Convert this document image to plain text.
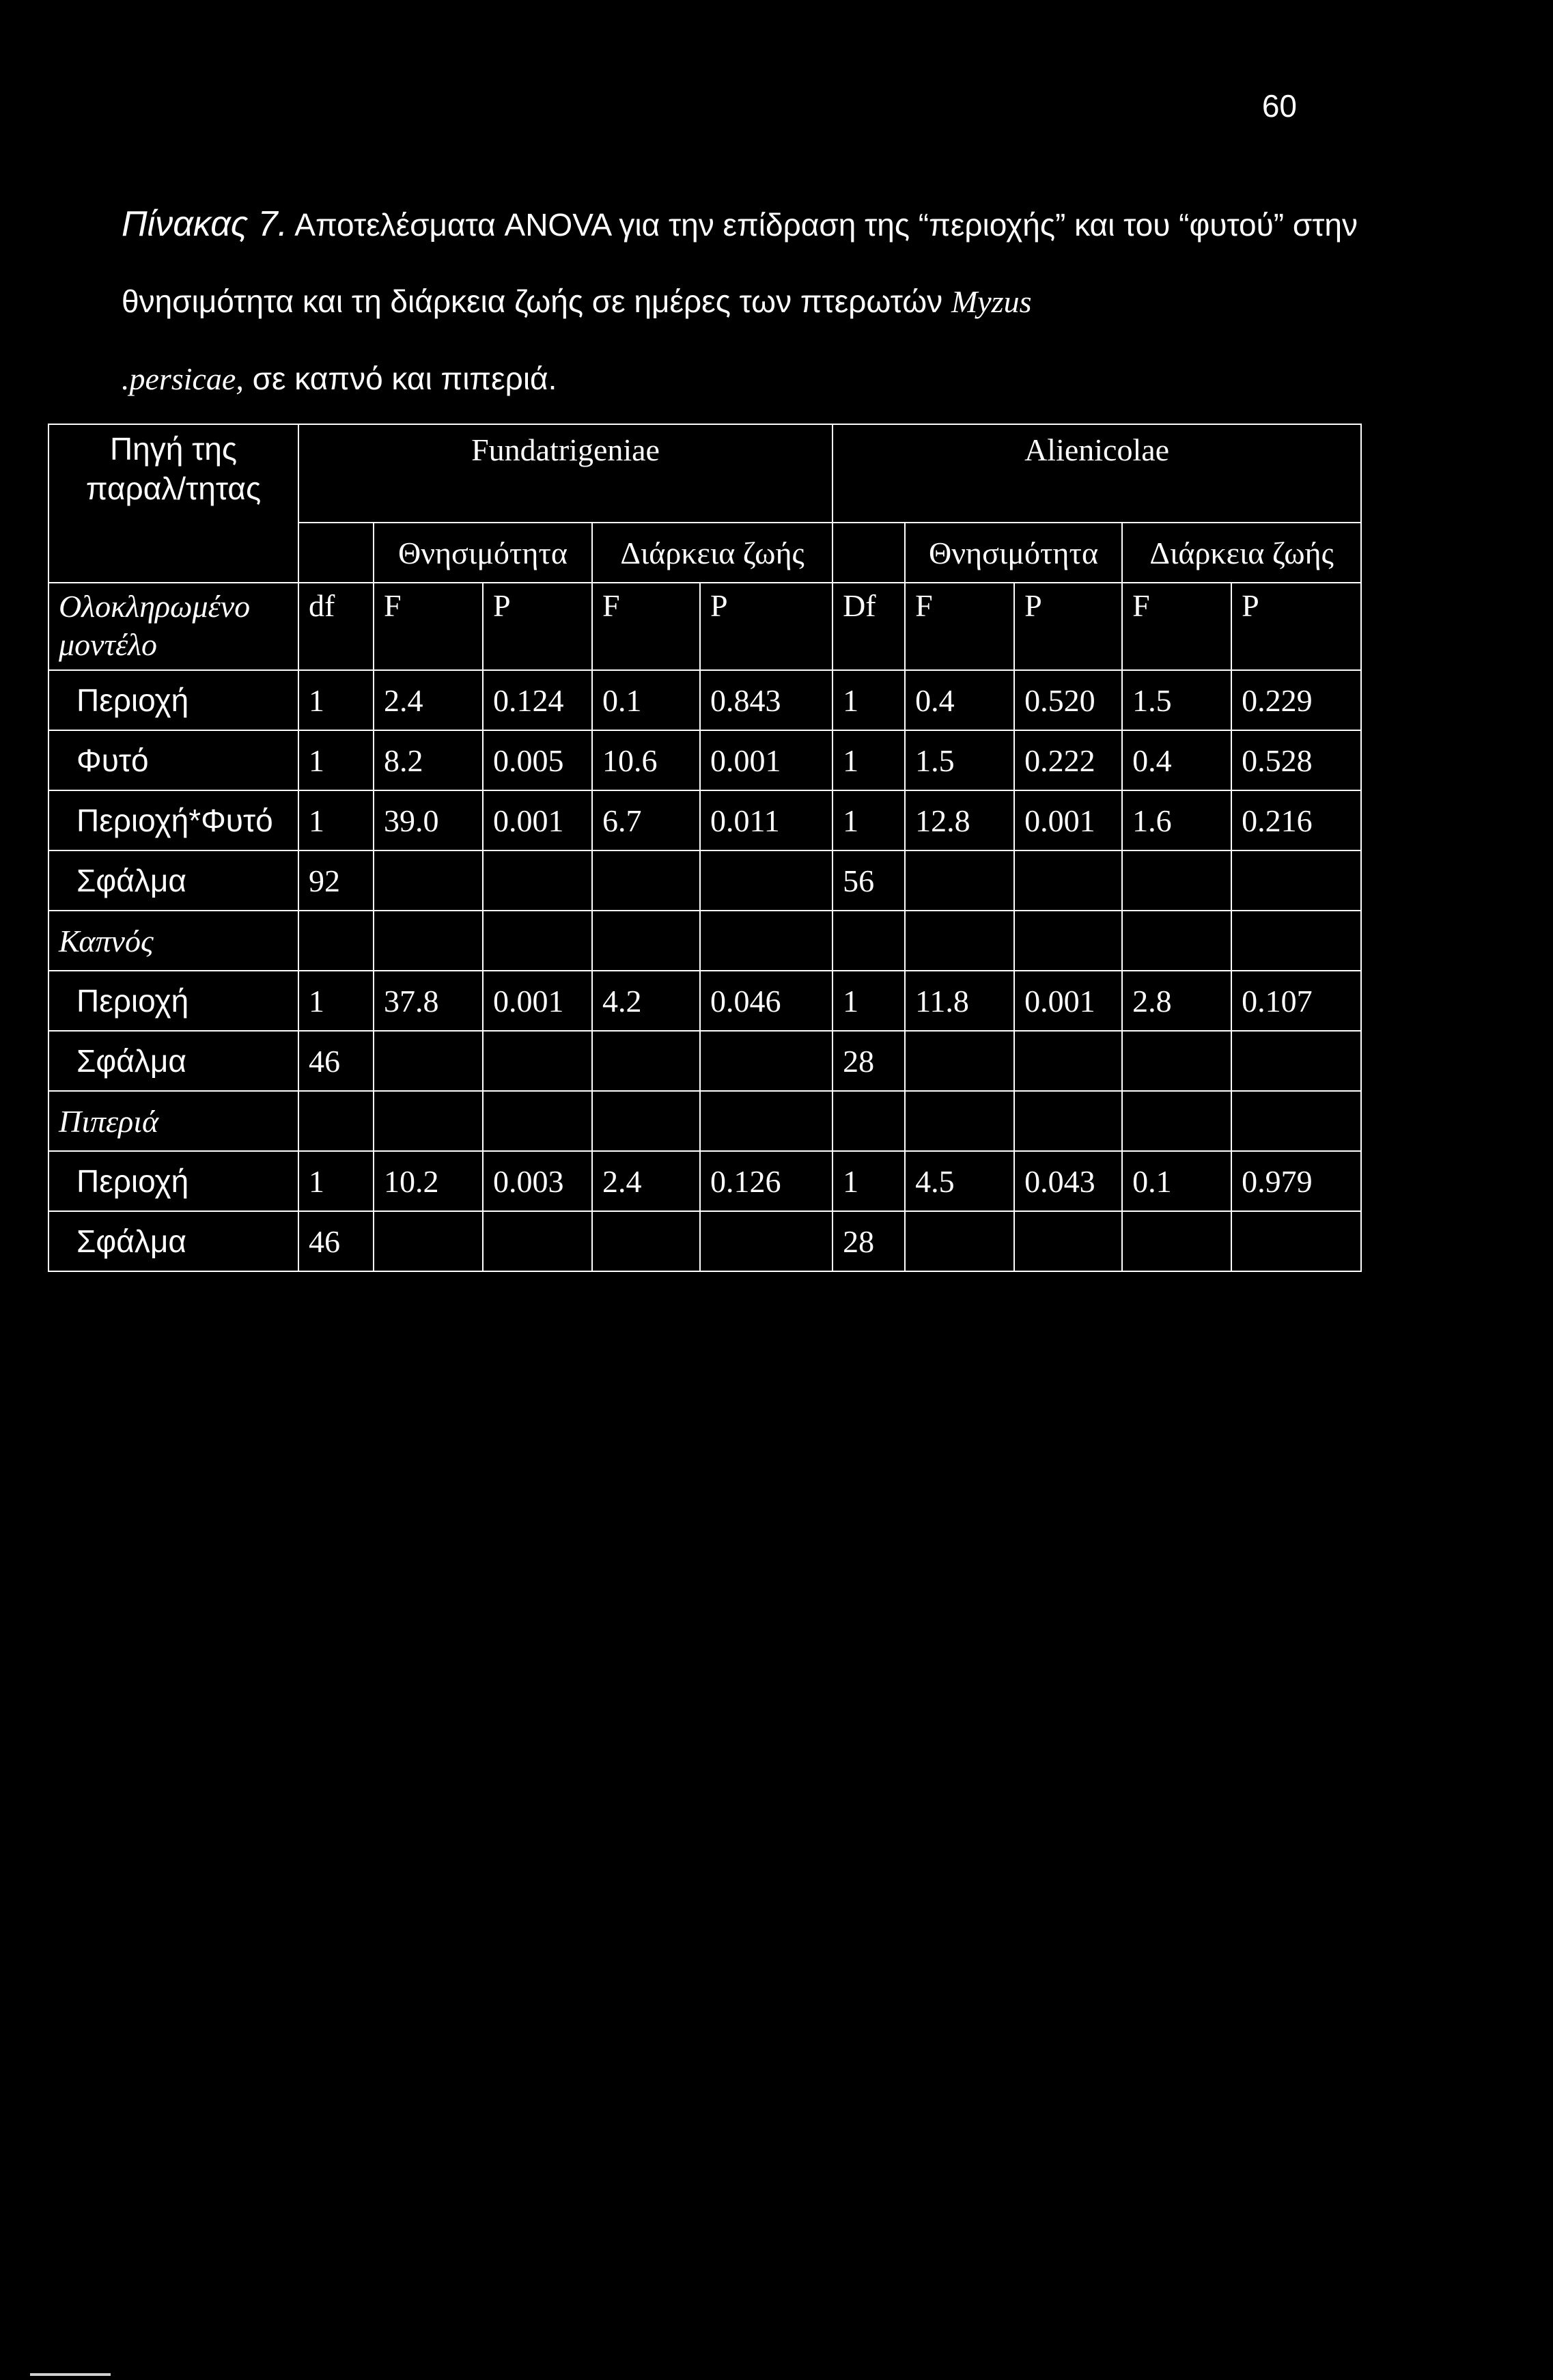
60
Πίνακας 7. Αποτελέσματα ANOVA για την επίδραση της “περιοχής” και του “φυτού” στην θνησιμότητα και τη διάρκεια ζωής σε ημέρες των πτερωτών Myzus
.persicae, σε καπνό και πιπεριά.
Πηγή της παραλ/τητας	Fundatrigeniae					Alienicolae				
		Θνησιμότητα		Διάρκεια ζωής			Θνησιμότητα		Διάρκεια ζωής	
Ολοκληρωμένο μοντέλο	df	F	P	F	P	Df	F	P	F	P
Περιοχή	1	2.4	0.124	0.1	0.843	1	0.4	0.520	1.5	0.229
Φυτό	1	8.2	0.005	10.6	0.001	1	1.5	0.222	0.4	0.528
Περιοχή*Φυτό	1	39.0	0.001	6.7	0.011	1	12.8	0.001	1.6	0.216
Σφάλμα	92					56				
Καπνός										
Περιοχή	1	37.8	0.001	4.2	0.046	1	11.8	0.001	2.8	0.107
Σφάλμα	46					28				
Πιπεριά										
Περιοχή	1	10.2	0.003	2.4	0.126	1	4.5	0.043	0.1	0.979
Σφάλμα	46					28				
